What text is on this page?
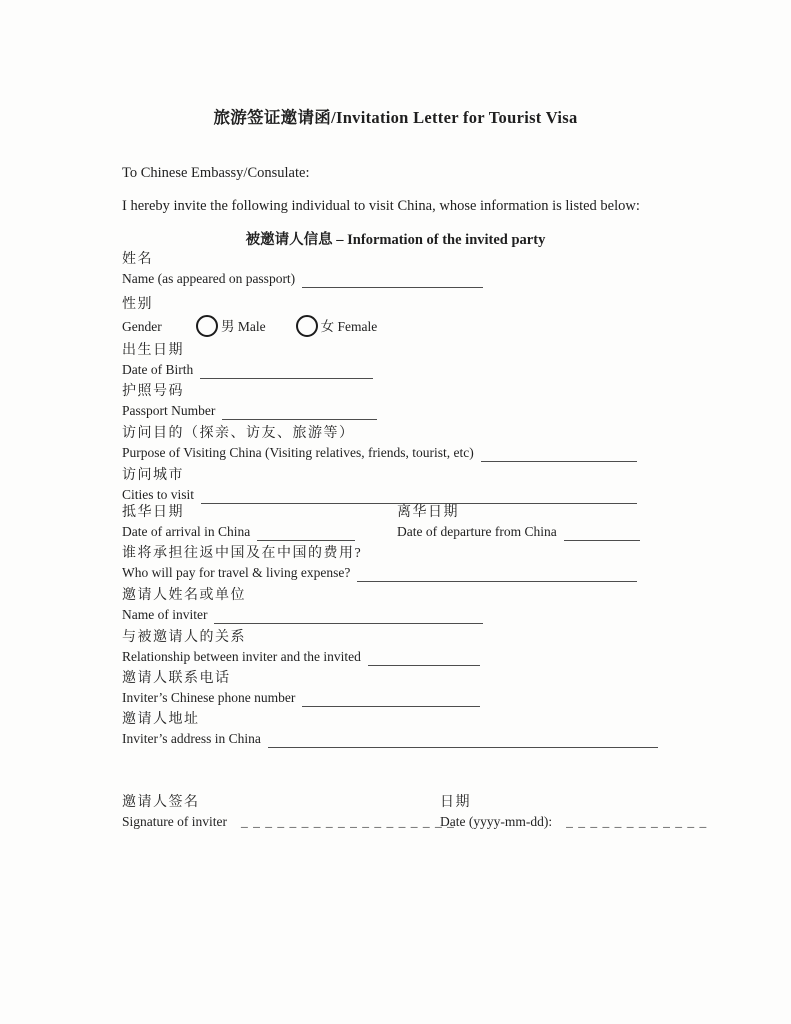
旅游签证邀请函/Invitation Letter for Tourist Visa
To Chinese Embassy/Consulate:
I hereby invite the following individual to visit China, whose information is listed below:
被邀请人信息 – Information of the invited party
姓名
Name (as appeared on passport)
性别
Gender	男 Male	女 Female
出生日期
Date of Birth
护照号码
Passport Number
访问目的（探亲、访友、旅游等）
Purpose of Visiting China (Visiting relatives, friends, tourist, etc)
访问城市
Cities to visit
抵华日期
Date of arrival in China
离华日期
Date of departure from China
谁将承担往返中国及在中国的费用?
Who will pay for travel & living expense?
邀请人姓名或单位
Name of inviter
与被邀请人的关系
Relationship between inviter and the invited
邀请人联系电话
Inviter’s Chinese phone number
邀请人地址
Inviter’s address in China
邀请人签名
Signature of inviter _ _ _ _ _ _ _ _ _ _ _ _ _ _ _ _ _ _
日期
Date (yyyy-mm-dd): _ _ _ _ _ _ _ _ _ _ _ _
